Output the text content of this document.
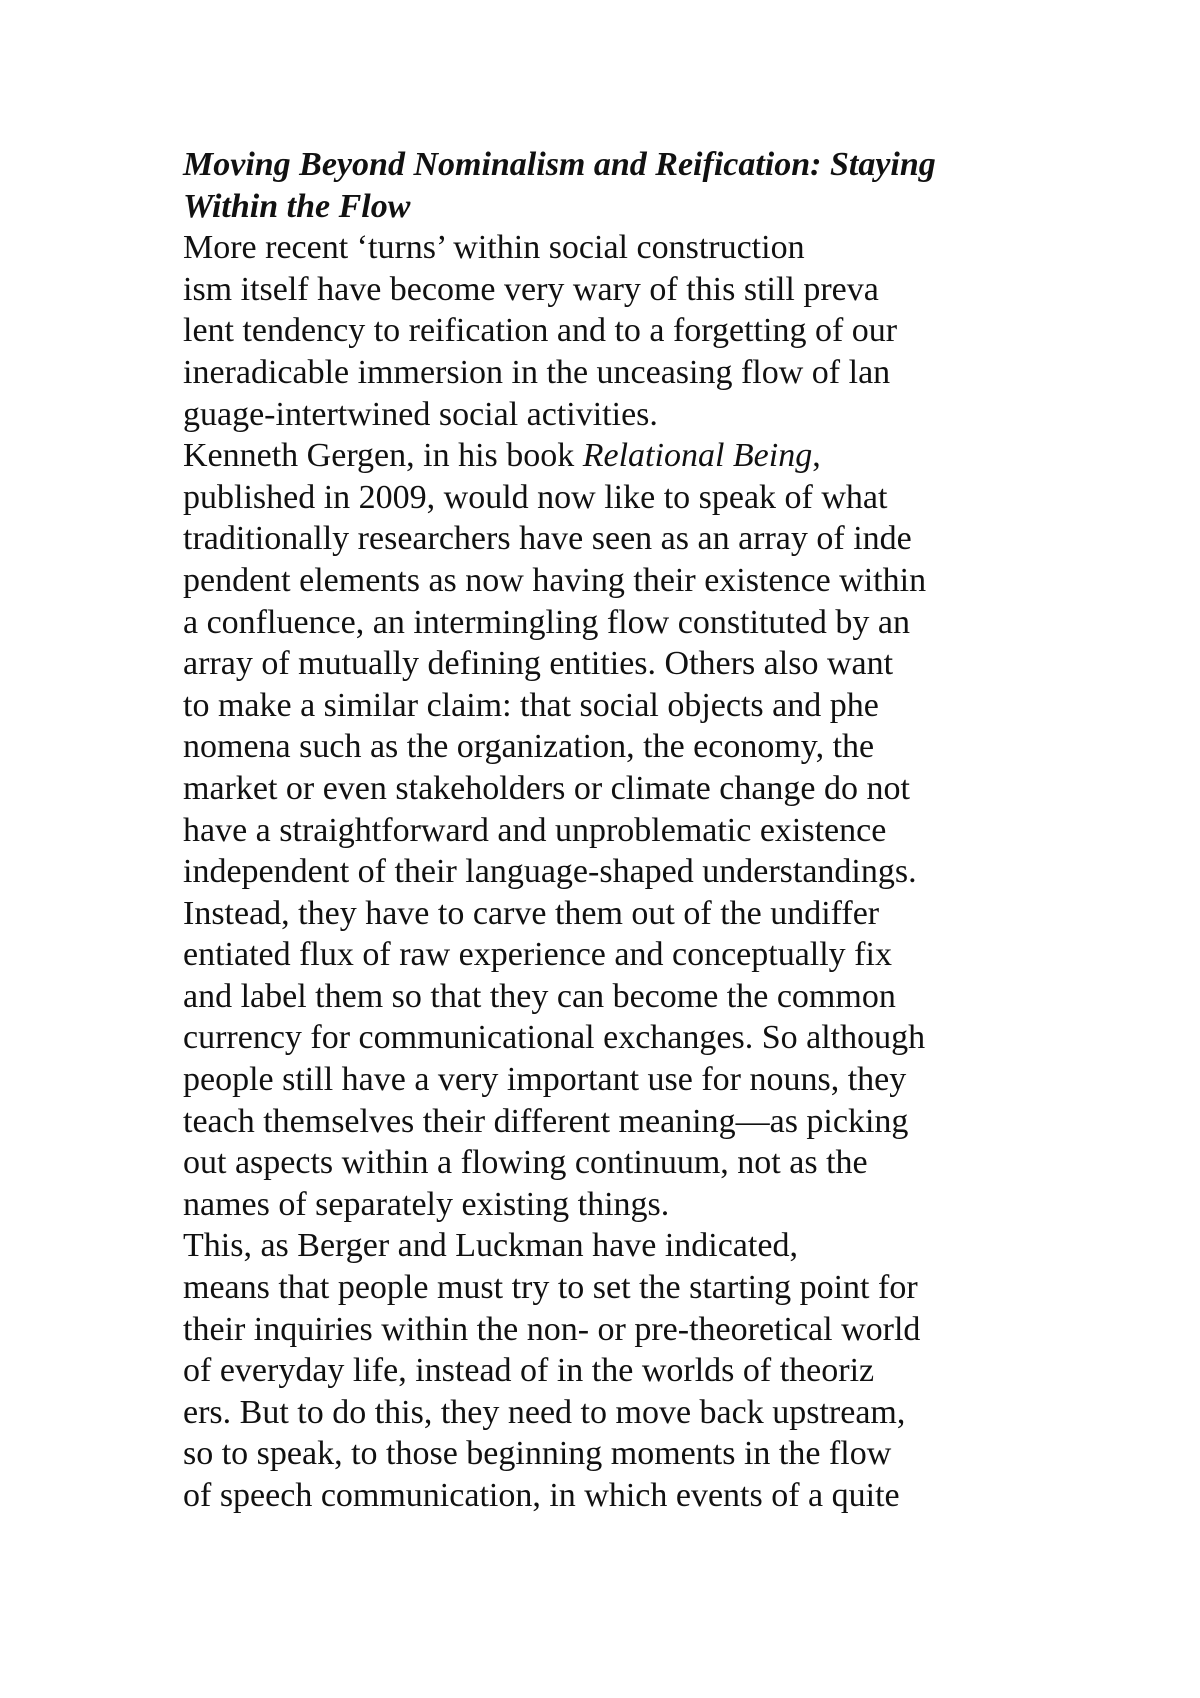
Moving Beyond Nominalism and Reification: Staying
Within the Flow
More recent ‘turns’ within social construction
ism itself have become very wary of this still preva
lent tendency to reification and to a forgetting of our
ineradicable immersion in the unceasing flow of lan
guage-intertwined social activities.
Kenneth Gergen, in his book Relational Being,
published in 2009, would now like to speak of what
traditionally researchers have seen as an array of inde
pendent elements as now having their existence within
a confluence, an intermingling flow constituted by an
array of mutually defining entities. Others also want
to make a similar claim: that social objects and phe
nomena such as the organization, the economy, the
market or even stakeholders or climate change do not
have a straightforward and unproblematic existence
independent of their language-shaped understandings.
Instead, they have to carve them out of the undiffer
entiated flux of raw experience and conceptually fix
and label them so that they can become the common
currency for communicational exchanges. So although
people still have a very important use for nouns, they
teach themselves their different meaning—as picking
out aspects within a flowing continuum, not as the
names of separately existing things.
This, as Berger and Luckman have indicated,
means that people must try to set the starting point for
their inquiries within the non- or pre-theoretical world
of everyday life, instead of in the worlds of theoriz
ers. But to do this, they need to move back upstream,
so to speak, to those beginning moments in the flow
of speech communication, in which events of a quite
